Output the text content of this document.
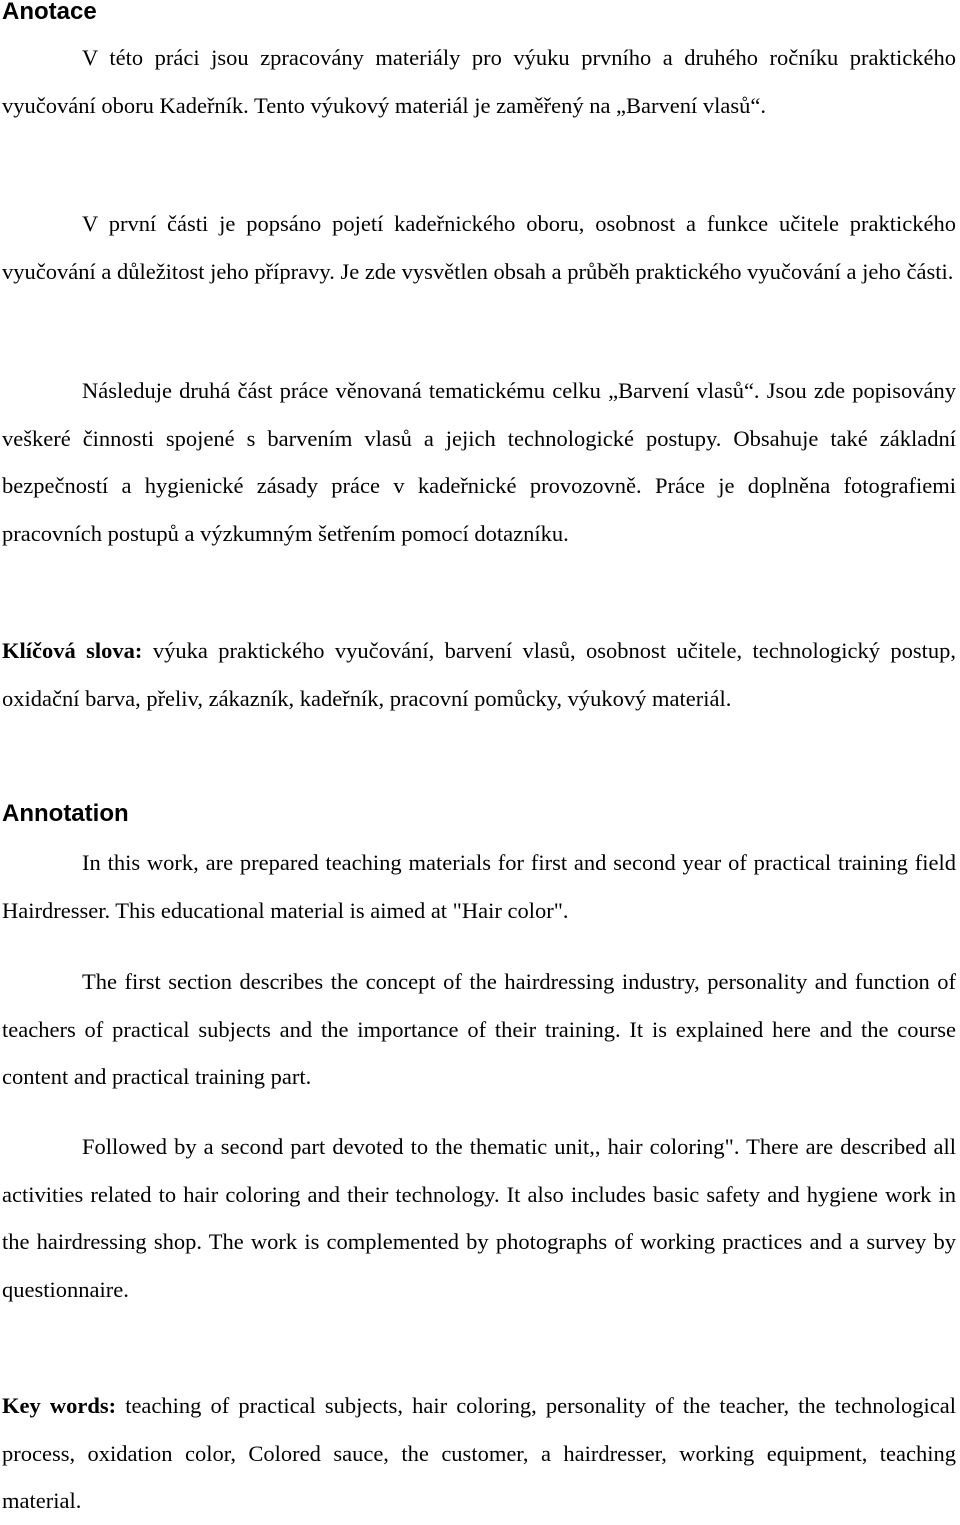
Anotace

V této práci jsou zpracovány materiály pro výuku prvního a druhého ročníku praktického vyučování oboru Kadeřník. Tento výukový materiál je zaměřený na „Barvení vlasů“.

V první části je popsáno pojetí kadeřnického oboru, osobnost a funkce učitele praktického vyučování a důležitost jeho přípravy. Je zde vysvětlen obsah a průběh praktického vyučování a jeho části.

Následuje druhá část práce věnovaná tematickému celku „Barvení vlasů“. Jsou zde popisovány veškeré činnosti spojené s barvením vlasů a jejich technologické postupy. Obsahuje také základní bezpečností a hygienické zásady práce v kadeřnické provozovně. Práce je doplněna fotografiemi pracovních postupů a výzkumným šetřením pomocí dotazníku.

Klíčová slova: výuka praktického vyučování, barvení vlasů, osobnost učitele, technologický postup, oxidační barva, přeliv, zákazník, kadeřník, pracovní pomůcky, výukový materiál.

Annotation

In this work, are prepared teaching materials for first and second year of practical training field Hairdresser. This educational material is aimed at "Hair color".

The first section describes the concept of the hairdressing industry, personality and function of teachers of practical subjects and the importance of their training. It is explained here and the course content and practical training part.

Followed by a second part devoted to the thematic unit,, hair coloring". There are described all activities related to hair coloring and their technology. It also includes basic safety and hygiene work in the hairdressing shop. The work is complemented by photographs of working practices and a survey by questionnaire.

Key words: teaching of practical subjects, hair coloring, personality of the teacher, the technological process, oxidation color, Colored sauce, the customer, a hairdresser, working equipment, teaching material.
